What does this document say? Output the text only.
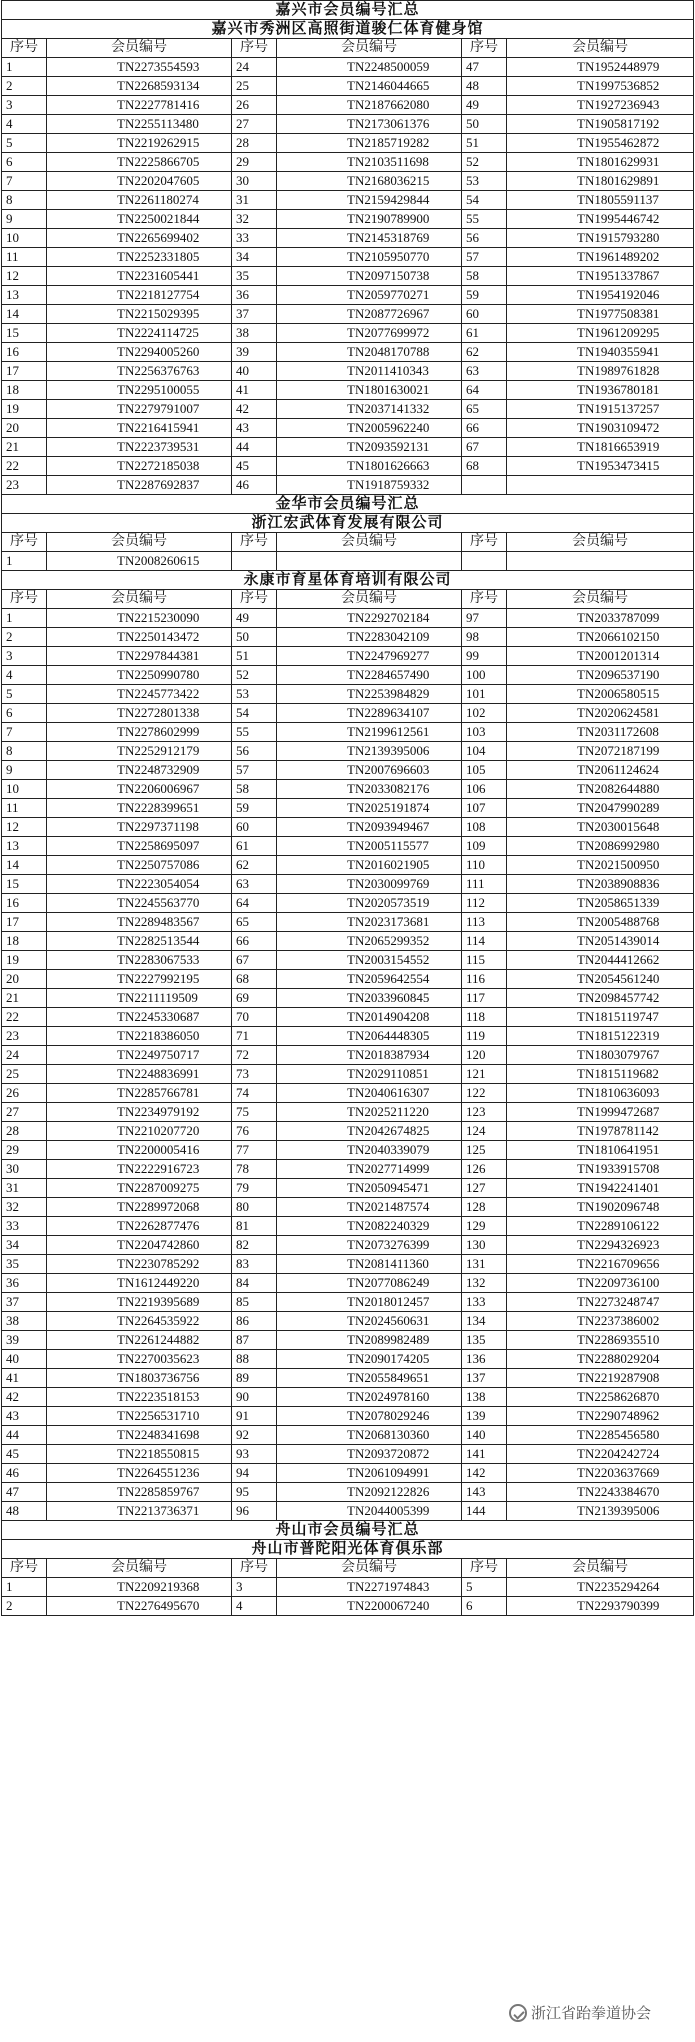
嘉兴市会员编号汇总					
嘉兴市秀洲区高照街道骏仁体育健身馆					
序号	会员编号	序号	会员编号	序号	会员编号
1	TN2273554593	24	TN2248500059	47	TN1952448979
2	TN2268593134	25	TN2146044665	48	TN1997536852
3	TN2227781416	26	TN2187662080	49	TN1927236943
4	TN2255113480	27	TN2173061376	50	TN1905817192
5	TN2219262915	28	TN2185719282	51	TN1955462872
6	TN2225866705	29	TN2103511698	52	TN1801629931
7	TN2202047605	30	TN2168036215	53	TN1801629891
8	TN2261180274	31	TN2159429844	54	TN1805591137
9	TN2250021844	32	TN2190789900	55	TN1995446742
10	TN2265699402	33	TN2145318769	56	TN1915793280
11	TN2252331805	34	TN2105950770	57	TN1961489202
12	TN2231605441	35	TN2097150738	58	TN1951337867
13	TN2218127754	36	TN2059770271	59	TN1954192046
14	TN2215029395	37	TN2087726967	60	TN1977508381
15	TN2224114725	38	TN2077699972	61	TN1961209295
16	TN2294005260	39	TN2048170788	62	TN1940355941
17	TN2256376763	40	TN2011410343	63	TN1989761828
18	TN2295100055	41	TN1801630021	64	TN1936780181
19	TN2279791007	42	TN2037141332	65	TN1915137257
20	TN2216415941	43	TN2005962240	66	TN1903109472
21	TN2223739531	44	TN2093592131	67	TN1816653919
22	TN2272185038	45	TN1801626663	68	TN1953473415
23	TN2287692837	46	TN1918759332		
金华市会员编号汇总					
浙江宏武体育发展有限公司					
序号	会员编号	序号	会员编号	序号	会员编号
1	TN2008260615				
永康市育星体育培训有限公司					
序号	会员编号	序号	会员编号	序号	会员编号
1	TN2215230090	49	TN2292702184	97	TN2033787099
2	TN2250143472	50	TN2283042109	98	TN2066102150
3	TN2297844381	51	TN2247969277	99	TN2001201314
4	TN2250990780	52	TN2284657490	100	TN2096537190
5	TN2245773422	53	TN2253984829	101	TN2006580515
6	TN2272801338	54	TN2289634107	102	TN2020624581
7	TN2278602999	55	TN2199612561	103	TN2031172608
8	TN2252912179	56	TN2139395006	104	TN2072187199
9	TN2248732909	57	TN2007696603	105	TN2061124624
10	TN2206006967	58	TN2033082176	106	TN2082644880
11	TN2228399651	59	TN2025191874	107	TN2047990289
12	TN2297371198	60	TN2093949467	108	TN2030015648
13	TN2258695097	61	TN2005115577	109	TN2086992980
14	TN2250757086	62	TN2016021905	110	TN2021500950
15	TN2223054054	63	TN2030099769	111	TN2038908836
16	TN2245563770	64	TN2020573519	112	TN2058651339
17	TN2289483567	65	TN2023173681	113	TN2005488768
18	TN2282513544	66	TN2065299352	114	TN2051439014
19	TN2283067533	67	TN2003154552	115	TN2044412662
20	TN2227992195	68	TN2059642554	116	TN2054561240
21	TN2211119509	69	TN2033960845	117	TN2098457742
22	TN2245330687	70	TN2014904208	118	TN1815119747
23	TN2218386050	71	TN2064448305	119	TN1815122319
24	TN2249750717	72	TN2018387934	120	TN1803079767
25	TN2248836991	73	TN2029110851	121	TN1815119682
26	TN2285766781	74	TN2040616307	122	TN1810636093
27	TN2234979192	75	TN2025211220	123	TN1999472687
28	TN2210207720	76	TN2042674825	124	TN1978781142
29	TN2200005416	77	TN2040339079	125	TN1810641951
30	TN2222916723	78	TN2027714999	126	TN1933915708
31	TN2287009275	79	TN2050945471	127	TN1942241401
32	TN2289972068	80	TN2021487574	128	TN1902096748
33	TN2262877476	81	TN2082240329	129	TN2289106122
34	TN2204742860	82	TN2073276399	130	TN2294326923
35	TN2230785292	83	TN2081411360	131	TN2216709656
36	TN1612449220	84	TN2077086249	132	TN2209736100
37	TN2219395689	85	TN2018012457	133	TN2273248747
38	TN2264535922	86	TN2024560631	134	TN2237386002
39	TN2261244882	87	TN2089982489	135	TN2286935510
40	TN2270035623	88	TN2090174205	136	TN2288029204
41	TN1803736756	89	TN2055849651	137	TN2219287908
42	TN2223518153	90	TN2024978160	138	TN2258626870
43	TN2256531710	91	TN2078029246	139	TN2290748962
44	TN2248341698	92	TN2068130360	140	TN2285456580
45	TN2218550815	93	TN2093720872	141	TN2204242724
46	TN2264551236	94	TN2061094991	142	TN2203637669
47	TN2285859767	95	TN2092122826	143	TN2243384670
48	TN2213736371	96	TN2044005399	144	TN2139395006
舟山市会员编号汇总					
舟山市普陀阳光体育俱乐部					
序号	会员编号	序号	会员编号	序号	会员编号
1	TN2209219368	3	TN2271974843	5	TN2235294264
2	TN2276495670	4	TN2200067240	6	TN2293790399
浙江省跆拳道协会
